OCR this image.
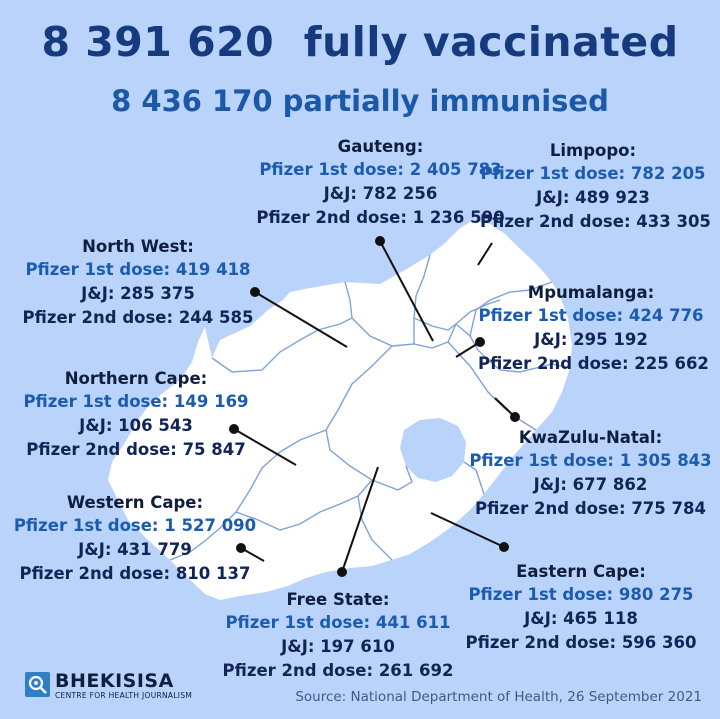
8 391 620  fully vaccinated
8 436 170 partially immunised
Gauteng:
Pfizer 1st dose: 2 405 783
J&J: 782 256
Pfizer 2nd dose: 1 236 590
Limpopo:
Pfizer 1st dose: 782 205
J&J: 489 923
Pfizer 2nd dose: 433 305
North West:
Pfizer 1st dose: 419 418
J&J: 285 375
Pfizer 2nd dose: 244 585
Mpumalanga:
Pfizer 1st dose: 424 776
J&J: 295 192
Pfizer 2nd dose: 225 662
Northern Cape:
Pfizer 1st dose: 149 169
J&J: 106 543
Pfizer 2nd dose: 75 847
KwaZulu-Natal:
Pfizer 1st dose: 1 305 843
J&J: 677 862
Pfizer 2nd dose: 775 784
Western Cape:
Pfizer 1st dose: 1 527 090
J&J: 431 779
Pfizer 2nd dose: 810 137	Eastern Cape:
Pfizer 1st dose: 980 275
J&J: 465 118
Pfizer 2nd dose: 596 360
Free State:
Pfizer 1st dose: 441 611
J&J: 197 610
Pfizer 2nd dose: 261 692
BHEKISISA
CENTRE FOR HEALTH JOURNALISM	Source: National Department of Health, 26 September 2021
